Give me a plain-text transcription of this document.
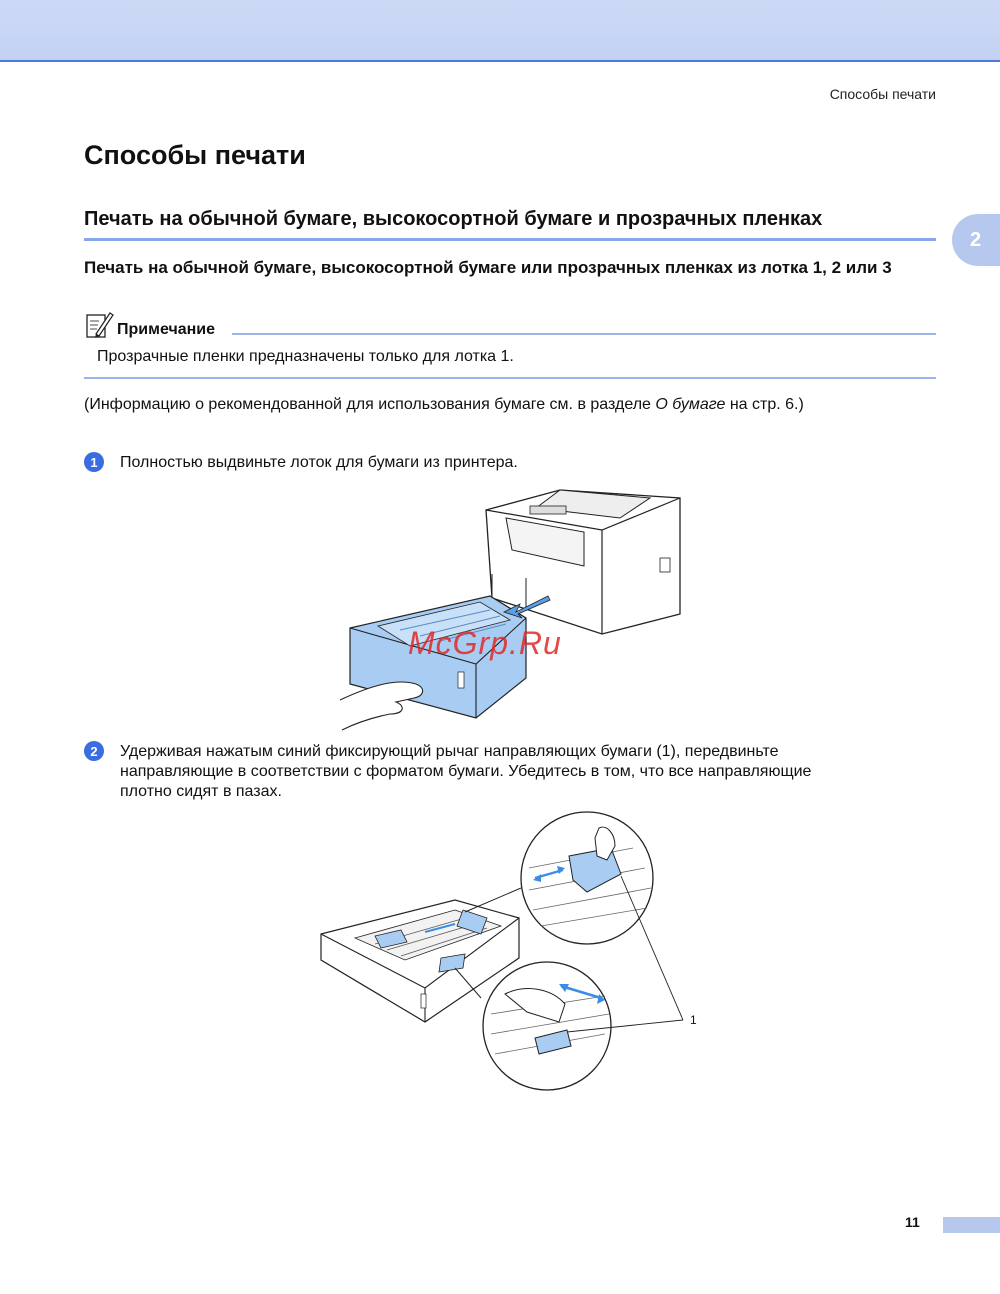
Способы печати
Способы печати
Печать на обычной бумаге, высокосортной бумаге и прозрачных пленках
2
Печать на обычной бумаге, высокосортной бумаге или прозрачных пленках из лотка 1, 2 или 3
Примечание
Прозрачные пленки предназначены только для лотка 1.
(Информацию о рекомендованной для использования бумаге см. в разделе О бумаге на стр. 6.)
1 Полностью выдвиньте лоток для бумаги из принтера.

McGrp.Ru
2 Удерживая нажатым синий фиксирующий рычаг направляющих бумаги (1), передвиньте

направляющие в соответствии с форматом бумаги. Убедитесь в том, что все направляющие

плотно сидят в пазах.

1
11
